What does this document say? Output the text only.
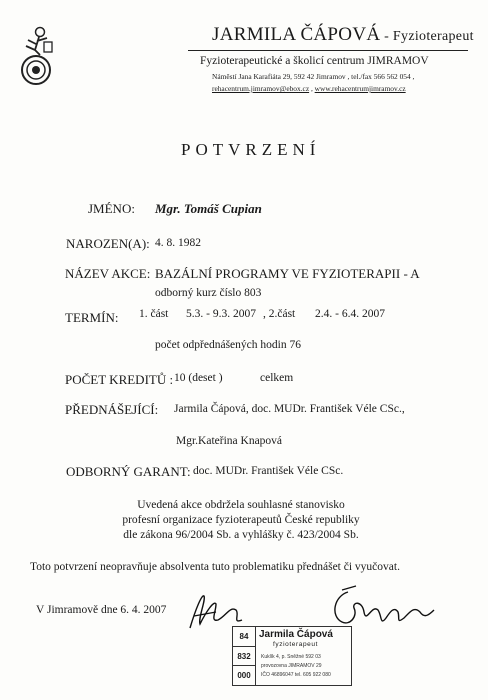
JARMILA ČÁPOVÁ - Fyzioterapeut
Fyzioterapeutické a školicí centrum JIMRAMOV
Náměstí Jana Karafiáta 29, 592 42 Jimramov , tel./fax 566 562 054 ,
rehacentrum.jimramov@ebox.cz , www.rehacentrumjimramov.cz
POTVRZENÍ
JMÉNO: Mgr. Tomáš Cupian
NAROZEN(A): 4. 8. 1982
NÁZEV AKCE: BAZÁLNÍ PROGRAMY VE FYZIOTERAPII - A
odborný kurz číslo 803
TERMÍN: 1. část 5.3. - 9.3. 2007 , 2.část 2.4. - 6.4. 2007
počet odpřednášených hodin 76
POČET KREDITŮ : 10 (deset )	celkem
PŘEDNÁŠEJÍCÍ: Jarmila Čápová, doc. MUDr. František Véle CSc.,
Mgr.Kateřina Knapová
ODBORNÝ GARANT: doc. MUDr. František Véle CSc.
Uvedená akce obdržela souhlasné stanovisko
profesní organizace fyzioterapeutů České republiky
dle zákona 96/2004 Sb. a vyhlášky č. 423/2004 Sb.
Toto potvrzení neopravňuje absolventa tuto problematiku přednášet či vyučovat.
V Jimramově dne 6. 4. 2007
84
832
000
Jarmila Čápová
fyzioterapeut
Kuklík 4, p. Sněžné 592 03
provozovna JIMRAMOV 29
IČO 46896047 tel. 605 922 080
